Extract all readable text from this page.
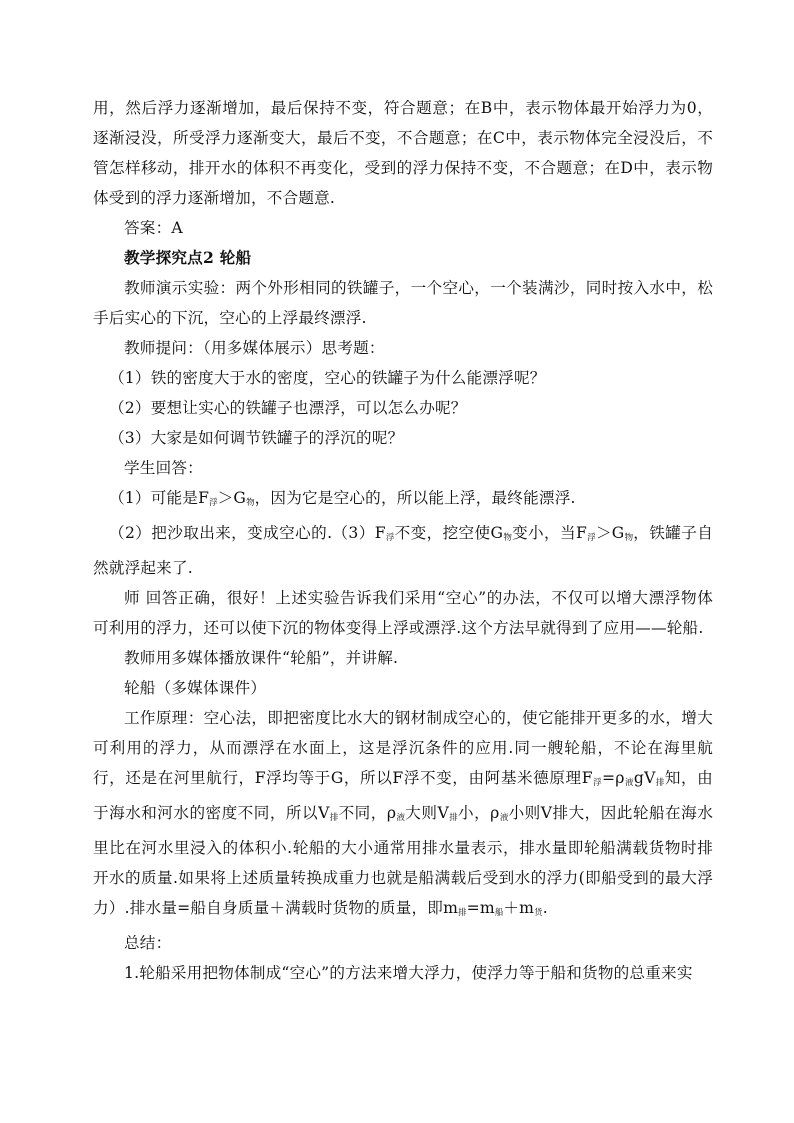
用，然后浮力逐渐增加，最后保持不变，符合题意；在B中，表示物体最开始浮力为0，逐渐浸没，所受浮力逐渐变大，最后不变，不合题意；在C中，表示物体完全浸没后，不管怎样移动，排开水的体积不再变化，受到的浮力保持不变，不合题意；在D中，表示物体受到的浮力逐渐增加，不合题意.

答案：A

教学探究点2 轮船

教师演示实验：两个外形相同的铁罐子，一个空心，一个装满沙，同时按入水中，松手后实心的下沉，空心的上浮最终漂浮.

教师提问：（用多媒体展示）思考题：

（1）铁的密度大于水的密度，空心的铁罐子为什么能漂浮呢？

（2）要想让实心的铁罐子也漂浮，可以怎么办呢？

（3）大家是如何调节铁罐子的浮沉的呢？

学生回答：

（1）可能是$F_浮>G_物$，因为它是空心的，所以能上浮，最终能漂浮.

（2）把沙取出来，变成空心的$.(3)F_浮$不变，挖空使$G_物$变小，当$F_浮>G_物$，铁罐子自然就浮起来了.

师 回答正确，很好！上述实验告诉我们采用“空心”的办法，不仅可以增大漂浮物体可利用的浮力，还可以使下沉的物体变得上浮或漂浮.这个方法早就得到了应用——轮船.

教师用多媒体播放课件“轮船”，并讲解.

轮船（多媒体课件）

工作原理：空心法，即把密度比水大的钢材制成空心的，使它能排开更多的水，增大可利用的浮力，从而漂浮在水面上，这是浮沉条件的应用.同一艘轮船，不论在海里航行，还是在河里航行，F浮均等于G，所以F浮不变，由阿基米德原理$F_浮=\rho_液gV_排$知，由于海水和河水的密度不同，所以$V_排$不同，$\rho_液$大则$V_排$小，$\rho_液$小则V排大，因此轮船在海水里比在河水里浸入的体积小.轮船的大小通常用排水量表示，排水量即轮船满载货物时排开水的质量.如果将上述质量转换成重力也就是船满载后受到水的浮力(即船受到的最大浮力）.排水量=船自身质量＋满载时货物的质量，即$m_排=m_船+m_货$.

总结：

1.轮船采用把物体制成“空心”的方法来增大浮力，使浮力等于船和货物的总重来实
